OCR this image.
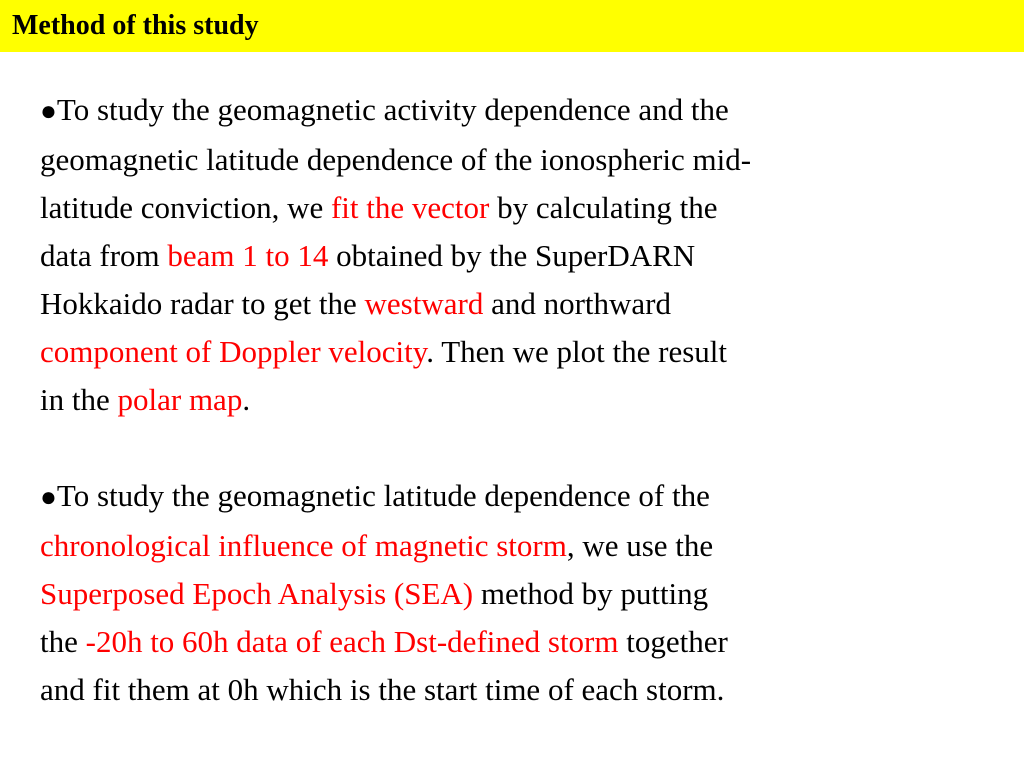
Method of this study

●To study the geomagnetic activity dependence and the
geomagnetic latitude dependence of the ionospheric mid-
latitude conviction, we fit the vector by calculating the
data from beam 1 to 14 obtained by the SuperDARN
Hokkaido radar to get the westward and northward
component of Doppler velocity. Then we plot the result
in the polar map.

●To study the geomagnetic latitude dependence of the
chronological influence of magnetic storm, we use the
Superposed Epoch Analysis (SEA) method by putting
the -20h to 60h data of each Dst-defined storm together
and fit them at 0h which is the start time of each storm.
